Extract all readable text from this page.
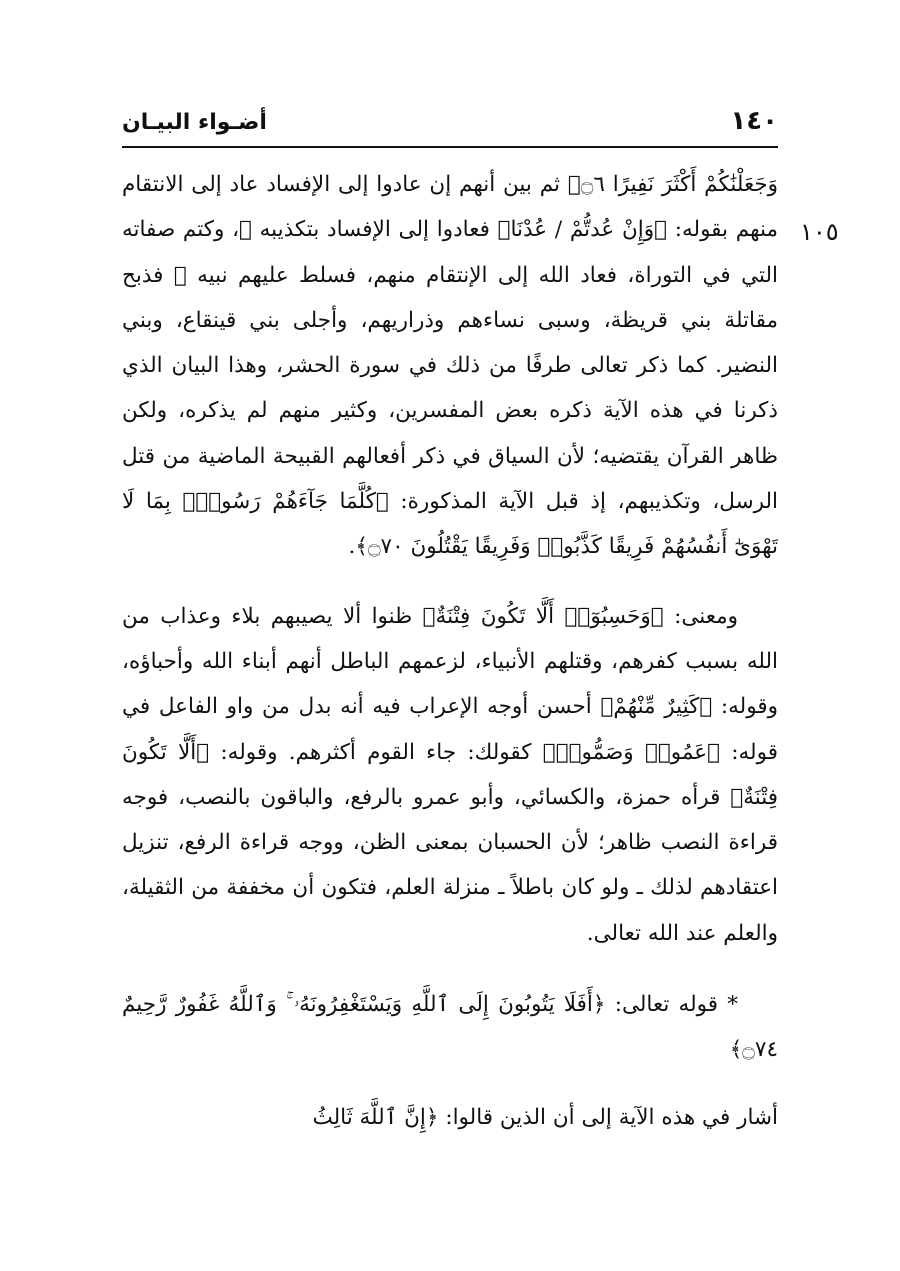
أضـواء البيـان	١٤٠
١٠٥

وَجَعَلْنَٰكُمْ أَكْثَرَ نَفِيرًا ۝٦﴾ ثم بين أنهم إن عادوا إلى الإفساد عاد إلى الانتقام منهم بقوله: ﴿وَإِنْ عُدتُّمْ / عُدْنَا﴾ فعادوا إلى الإفساد بتكذيبه ﷺ، وكتم صفاته التي في التوراة، فعاد الله إلى الإنتقام منهم، فسلط عليهم نبيه ﷺ فذبح مقاتلة بني قريظة، وسبى نساءهم وذراريهم، وأجلى بني قينقاع، وبني النضير. كما ذكر تعالى طرفًا من ذلك في سورة الحشر، وهذا البيان الذي ذكرنا في هذه الآية ذكره بعض المفسرين، وكثير منهم لم يذكره، ولكن ظاهر القرآن يقتضيه؛ لأن السياق في ذكر أفعالهم القبيحة الماضية من قتل الرسل، وتكذيبهم، إذ قبل الآية المذكورة: ﴿كُلَّمَا جَآءَهُمْ رَسُولٌۢ بِمَا لَا تَهْوَىٰٓ أَنفُسُهُمْ فَرِيقًا كَذَّبُوا۟ وَفَرِيقًا يَقْتُلُونَ ۝٧٠﴾.

ومعنى: ﴿وَحَسِبُوٓا۟ أَلَّا تَكُونَ فِتْنَةٌ﴾ ظنوا ألا يصيبهم بلاء وعذاب من الله بسبب كفرهم، وقتلهم الأنبياء، لزعمهم الباطل أنهم أبناء الله وأحباؤه، وقوله: ﴿كَثِيرٌ مِّنْهُمْ﴾ أحسن أوجه الإعراب فيه أنه بدل من واو الفاعل في قوله: ﴿عَمُوا۟ وَصَمُّوا۟﴾ كقولك: جاء القوم أكثرهم. وقوله: ﴿أَلَّا تَكُونَ فِتْنَةٌ﴾ قرأه حمزة، والكسائي، وأبو عمرو بالرفع، والباقون بالنصب، فوجه قراءة النصب ظاهر؛ لأن الحسبان بمعنى الظن، ووجه قراءة الرفع، تنزيل اعتقادهم لذلك ـ ولو كان باطلاً ـ منزلة العلم، فتكون أن مخففة من الثقيلة، والعلم عند الله تعالى.

* قوله تعالى: ﴿أَفَلَا يَتُوبُونَ إِلَى ٱللَّهِ وَيَسْتَغْفِرُونَهُۥ ۚ وَٱللَّهُ غَفُورٌ رَّحِيمٌ ۝٧٤﴾

أشار في هذه الآية إلى أن الذين قالوا: ﴿إِنَّ ٱللَّهَ ثَالِثُ
